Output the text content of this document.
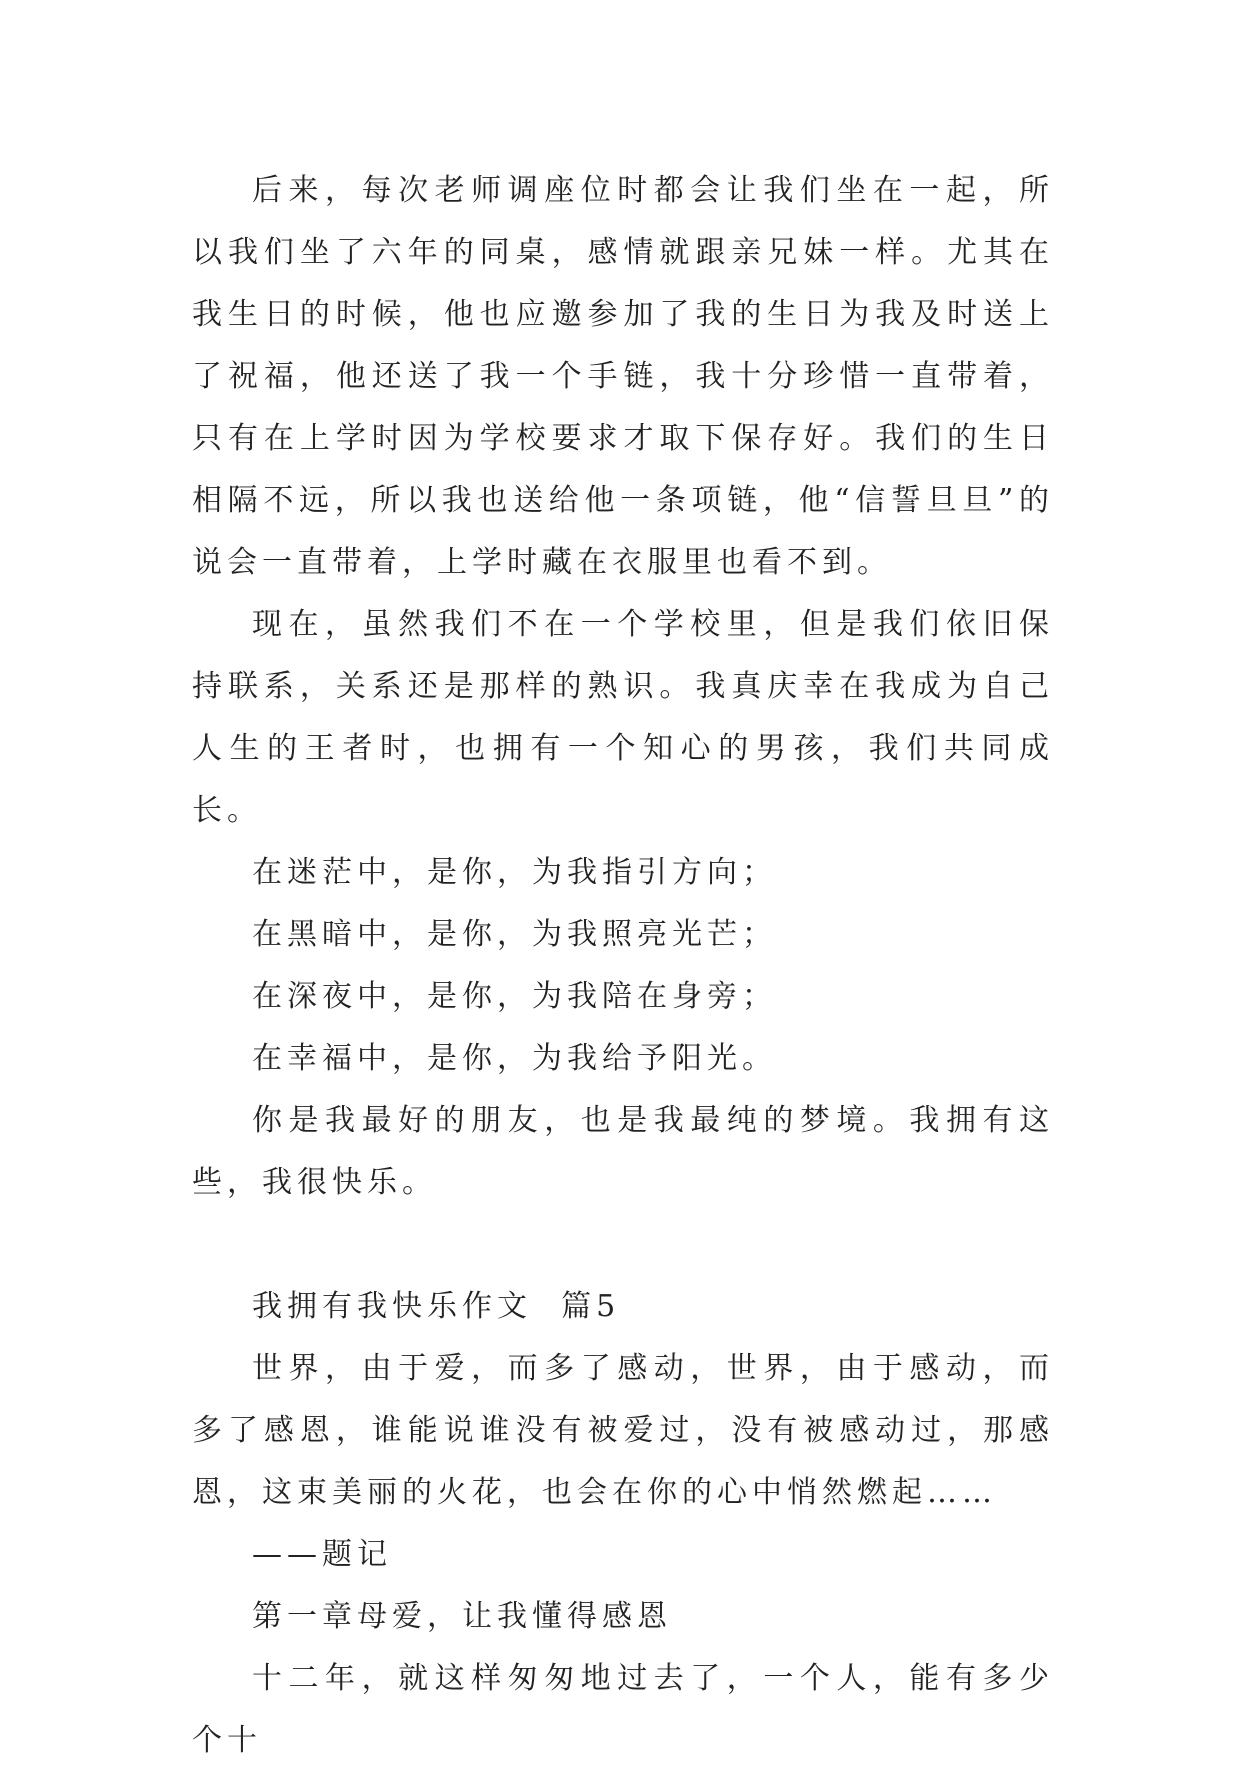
后来，每次老师调座位时都会让我们坐在一起，所以我们坐了六年的同桌，感情就跟亲兄妹一样。尤其在我生日的时候，他也应邀参加了我的生日为我及时送上了祝福，他还送了我一个手链，我十分珍惜一直带着，只有在上学时因为学校要求才取下保存好。我们的生日相隔不远，所以我也送给他一条项链，他“信誓旦旦”的说会一直带着，上学时藏在衣服里也看不到。

现在，虽然我们不在一个学校里，但是我们依旧保持联系，关系还是那样的熟识。我真庆幸在我成为自己人生的王者时，也拥有一个知心的男孩，我们共同成长。

在迷茫中，是你，为我指引方向；

在黑暗中，是你，为我照亮光芒；

在深夜中，是你，为我陪在身旁；

在幸福中，是你，为我给予阳光。

你是我最好的朋友，也是我最纯的梦境。我拥有这些，我很快乐。

我拥有我快乐作文  篇5

世界，由于爱，而多了感动，世界，由于感动，而多了感恩，谁能说谁没有被爱过，没有被感动过，那感恩，这束美丽的火花，也会在你的心中悄然燃起……

——题记

第一章母爱，让我懂得感恩

十二年，就这样匆匆地过去了，一个人，能有多少个十
